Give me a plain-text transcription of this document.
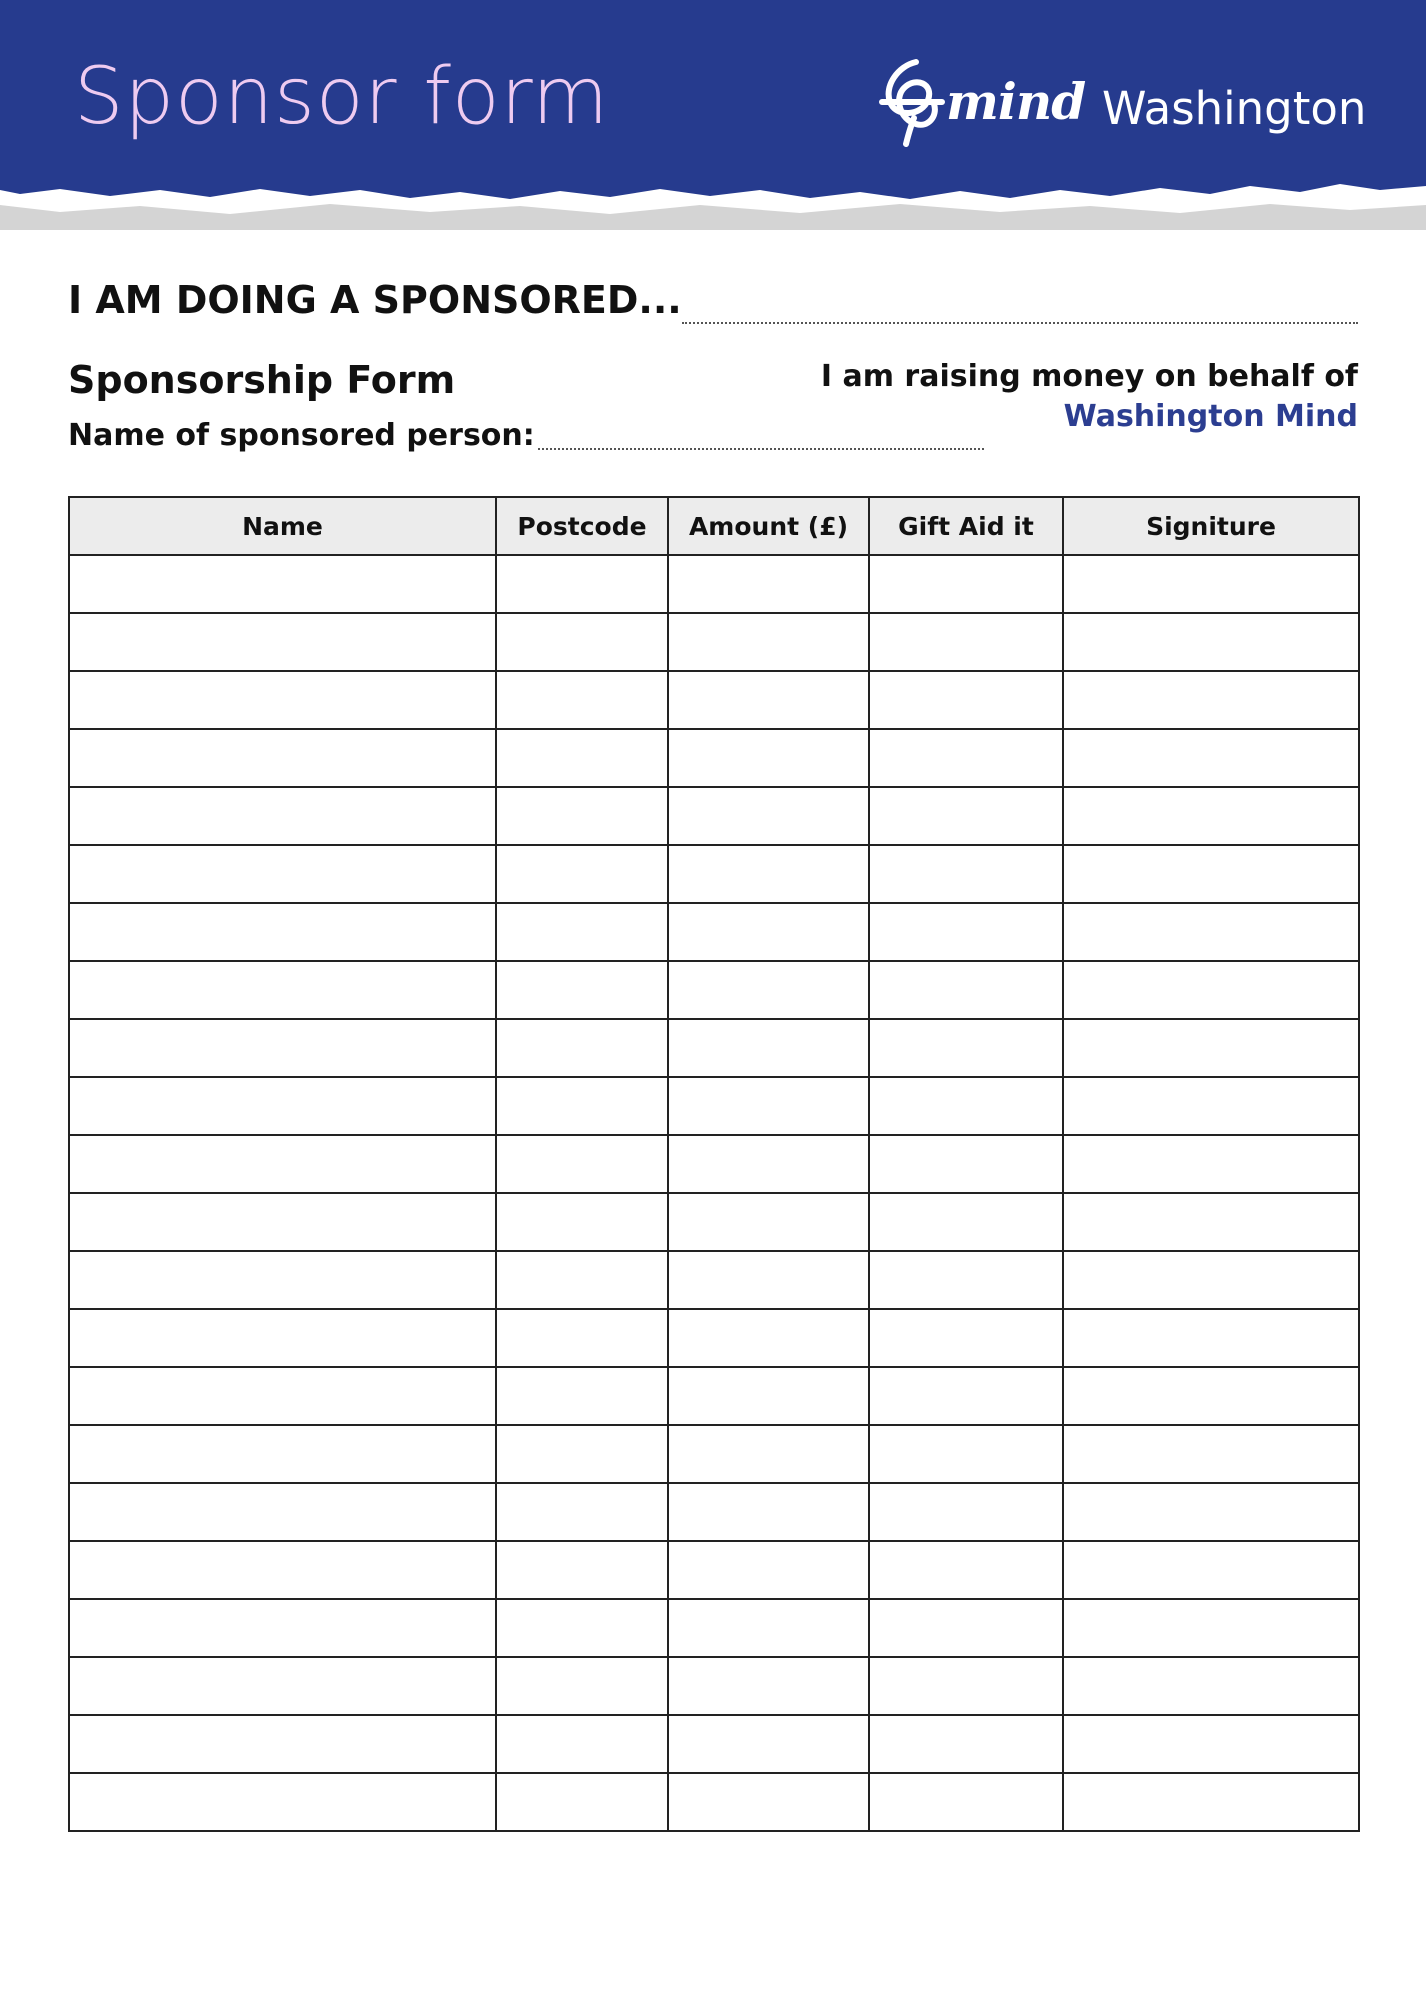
Sponsor form	mind Washington
I AM DOING A SPONSORED...
Sponsorship Form
Name of sponsored person:
I am raising money on behalf of
Washington Mind
Name	Postcode	Amount (£)	Gift Aid it	Signiture
